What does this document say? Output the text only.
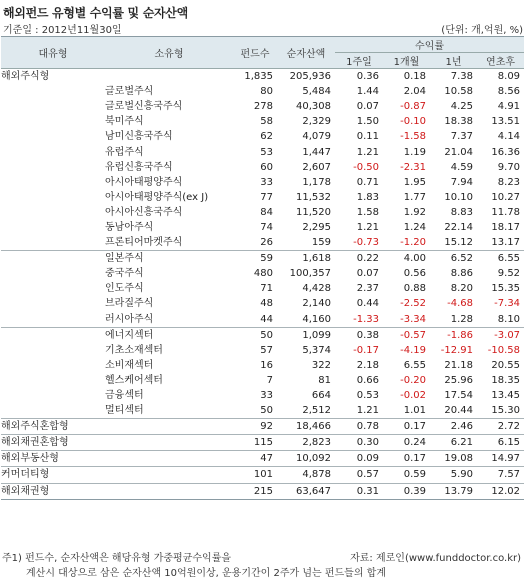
해외펀드 유형별 수익률 및 순자산액
기준일 : 2012년11월30일	(단위: 개,억원, %)
대유형	소유형	펀드수	순자산액	수익률			
				1주일	1개월	1년	연초후
해외주식형		1,835	205,936	0.36	0.18	7.38	8.09
	글로벌주식	80	5,484	1.44	2.04	10.58	8.56
	글로벌신흥국주식	278	40,308	0.07	-0.87	4.25	4.91
	북미주식	58	2,329	1.50	-0.10	18.38	13.51
	남미신흥국주식	62	4,079	0.11	-1.58	7.37	4.14
	유럽주식	53	1,447	1.21	1.19	21.04	16.36
	유럽신흥국주식	60	2,607	-0.50	-2.31	4.59	9.70
	아시아태평양주식	33	1,178	0.71	1.95	7.94	8.23
	아시아태평양주식(ex J)	77	11,532	1.83	1.77	10.10	10.27
	아시아신흥국주식	84	11,520	1.58	1.92	8.83	11.78
	동남아주식	74	2,295	1.21	1.24	22.14	18.17
	프론티어마켓주식	26	159	-0.73	-1.20	15.12	13.17
	일본주식	59	1,618	0.22	4.00	6.52	6.55
	중국주식	480	100,357	0.07	0.56	8.86	9.52
	인도주식	71	4,428	2.37	0.88	8.20	15.35
	브라질주식	48	2,140	0.44	-2.52	-4.68	-7.34
	러시아주식	44	4,160	-1.33	-3.34	1.28	8.10
	에너지섹터	50	1,099	0.38	-0.57	-1.86	-3.07
	기초소재섹터	57	5,374	-0.17	-4.19	-12.91	-10.58
	소비재섹터	16	322	2.18	6.55	21.18	20.55
	헬스케어섹터	7	81	0.66	-0.20	25.96	18.35
	금융섹터	33	664	0.53	-0.02	17.54	13.45
	멀티섹터	50	2,512	1.21	1.01	20.44	15.30
해외주식혼합형		92	18,466	0.78	0.17	2.46	2.72
해외채권혼합형		115	2,823	0.30	0.24	6.21	6.15
해외부동산형		47	10,092	0.09	0.17	19.08	14.97
커머더티형		101	4,878	0.57	0.59	5.90	7.57
해외채권형		215	63,647	0.31	0.39	13.79	12.02
주1) 펀드수, 순자산액은 해당유형 가중평균수익률을	자료: 제로인(www.funddoctor.co.kr)
계산시 대상으로 삼은 순자산액 10억원이상, 운용기간이 2주가 넘는 펀드들의 합계
